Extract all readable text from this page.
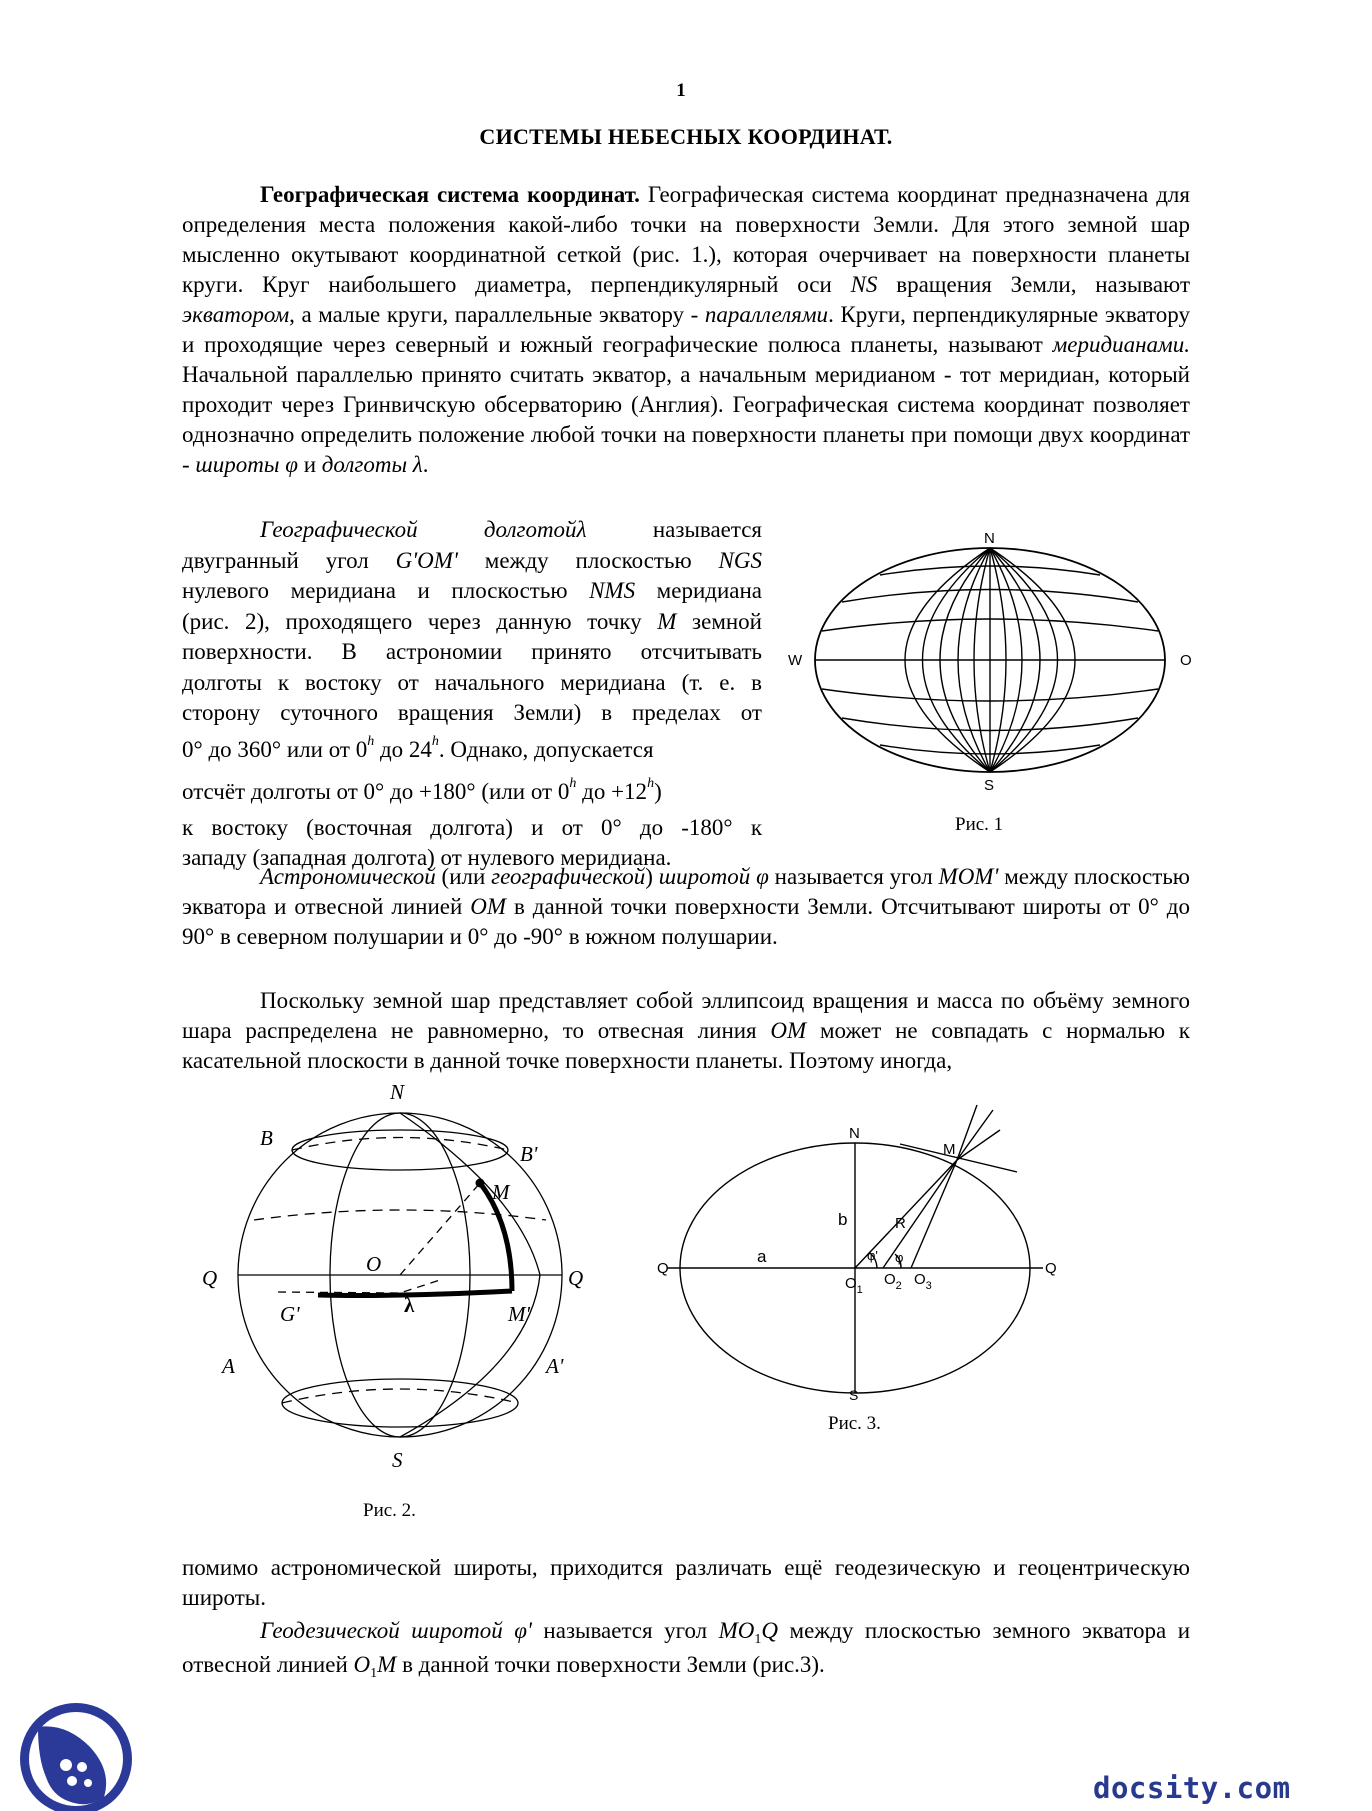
1
СИСТЕМЫ НЕБЕСНЫХ КООРДИНАТ.
Географическая система координат. Географическая система координат предназначена для определения места положения какой-либо точки на поверхности Земли. Для этого земной шар мысленно окутывают координатной сеткой (рис. 1.), которая очерчивает на поверхности планеты круги. Круг наибольшего диаметра, перпендикулярный оси NS вращения Земли, называют экватором, а малые круги, параллельные экватору - параллелями. Круги, перпендикулярные экватору и проходящие через северный и южный географические полюса планеты, называют меридианами. Начальной параллелью принято считать экватор, а начальным меридианом - тот меридиан, который проходит через Гринвичскую обсерваторию (Англия). Географическая система координат позволяет однозначно определить положение любой точки на поверхности планеты при помощи двух координат - широты φ и долготы λ.
Географической долготойλ называется
двугранный угол G'OM' между плоскостью NGS
нулевого меридиана и плоскостью NMS меридиана
(рис. 2), проходящего через данную точку M земной
поверхности. В астрономии принято отсчитывать
долготы к востоку от начального меридиана (т. е. в
сторону суточного вращения Земли) в пределах от
0° до 360° или от 0$^h$ до 24$^h$. Однако, допускается
отсчёт долготы от 0° до +180° (или от 0$^h$ до $+12^h$)
к востоку (восточная долгота) и от 0° до -180° к
западу (западная долгота) от нулевого меридиана.
Астрономической (или географической) широтой φ называется угол MOM' между плоскостью экватора и отвесной линией OM в данной точки поверхности Земли. Отсчитывают широты от 0° до 90° в северном полушарии и 0° до -90° в южном полушарии.
Поскольку земной шар представляет собой эллипсоид вращения и масса по объёму земного шара распределена не равномерно, то отвесная линия OM может не совпадать с нормалью к касательной плоскости в данной точке поверхности планеты. Поэтому иногда,
N
S
W	O
Рис. 1
N
S
B
B'
M
O
Q	Q
λ
G'	M'
A	A'
Рис. 2.
N
S
M
b	R
a
Q	Q
φ' φ
$O_1$
$O_2$ $O_3$
Рис. 3.
помимо астрономической широты, приходится различать ещё геодезическую и геоцентрическую широты.
Геодезической широтой φ' называется угол $MO_1Q$ между плоскостью земного экватора и отвесной линией $O_1M$ в данной точки поверхности Земли (рис.3).
docsity.com
